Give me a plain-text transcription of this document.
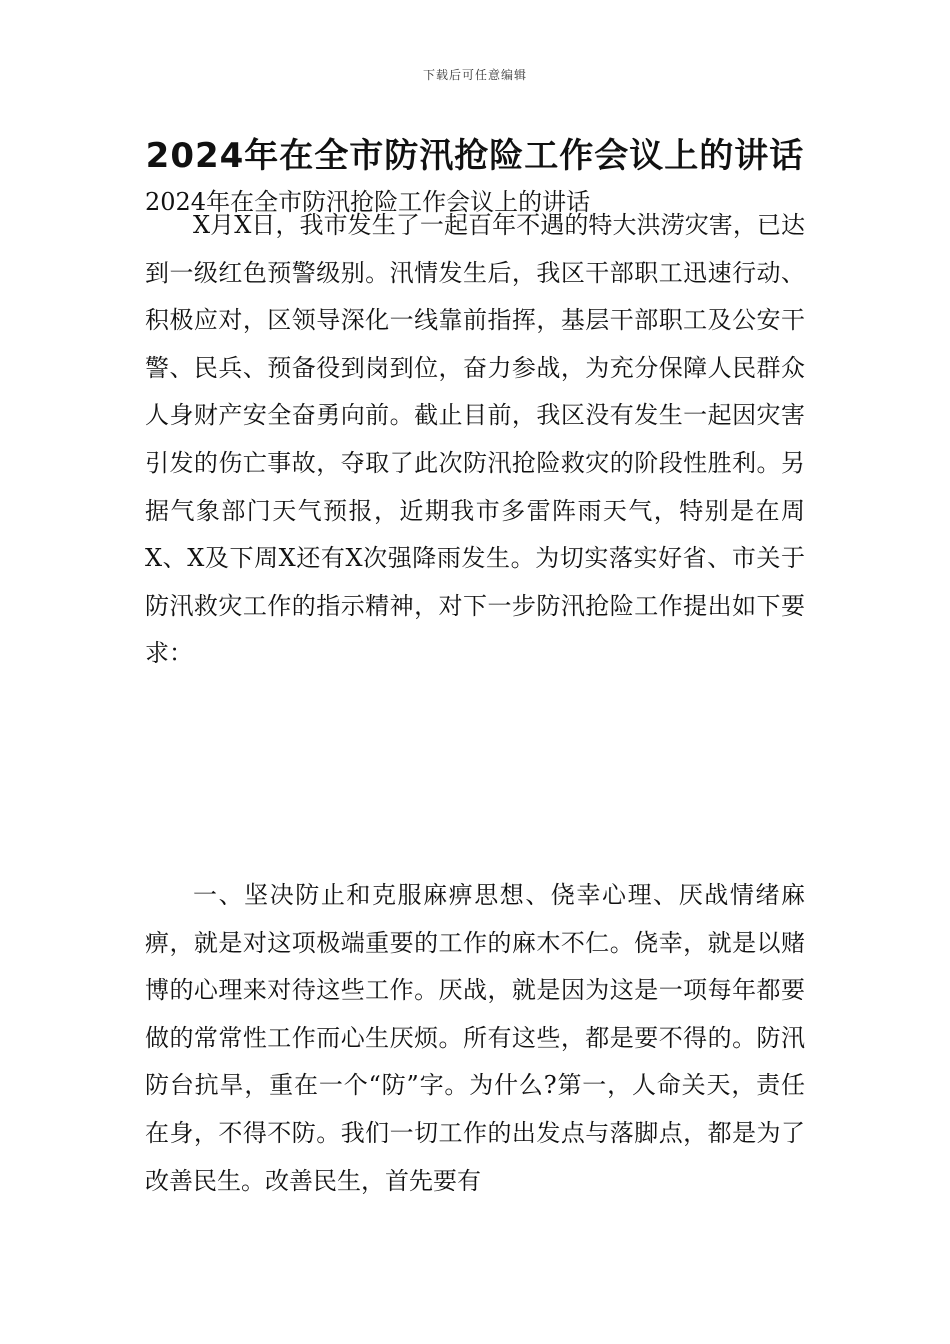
下载后可任意编辑
2024年在全市防汛抢险工作会议上的讲话
2024年在全市防汛抢险工作会议上的讲话

X月X日，我市发生了一起百年不遇的特大洪涝灾害，已达到一级红色预警级别。汛情发生后，我区干部职工迅速行动、积极应对，区领导深化一线靠前指挥，基层干部职工及公安干警、民兵、预备役到岗到位，奋力参战，为充分保障人民群众人身财产安全奋勇向前。截止目前，我区没有发生一起因灾害引发的伤亡事故，夺取了此次防汛抢险救灾的阶段性胜利。另据气象部门天气预报，近期我市多雷阵雨天气，特别是在周X、X及下周X还有X次强降雨发生。为切实落实好省、市关于防汛救灾工作的指示精神，对下一步防汛抢险工作提出如下要求：

一、坚决防止和克服麻痹思想、侥幸心理、厌战情绪麻痹，就是对这项极端重要的工作的麻木不仁。侥幸，就是以赌博的心理来对待这些工作。厌战，就是因为这是一项每年都要做的常常性工作而心生厌烦。所有这些，都是要不得的。防汛防台抗旱，重在一个“防”字。为什么?第一，人命关天，责任在身，不得不防。我们一切工作的出发点与落脚点，都是为了改善民生。改善民生，首先要有
